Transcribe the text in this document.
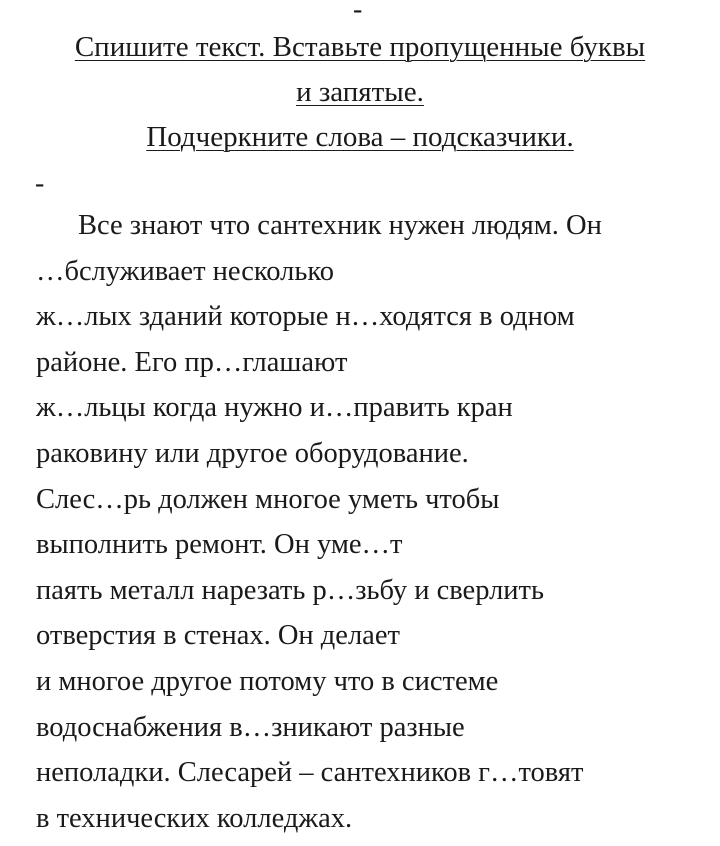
-
Спишите текст. Вставьте пропущенные буквы
и запятые.
Подчеркните слова – подсказчики.
-
Все знают что сантехник нужен людям. Он
…бслуживает несколько
ж…лых зданий которые н…ходятся в одном
районе. Его пр…глашают
ж…льцы когда нужно и…править кран
раковину или другое оборудование.
Слес…рь должен многое уметь чтобы
выполнить ремонт. Он уме…т
паять металл нарезать р…зьбу и сверлить
отверстия в стенах. Он делает
и многое другое потому что в системе
водоснабжения в…зникают разные
неполадки. Слесарей – сантехников г…товят
в технических колледжах.
